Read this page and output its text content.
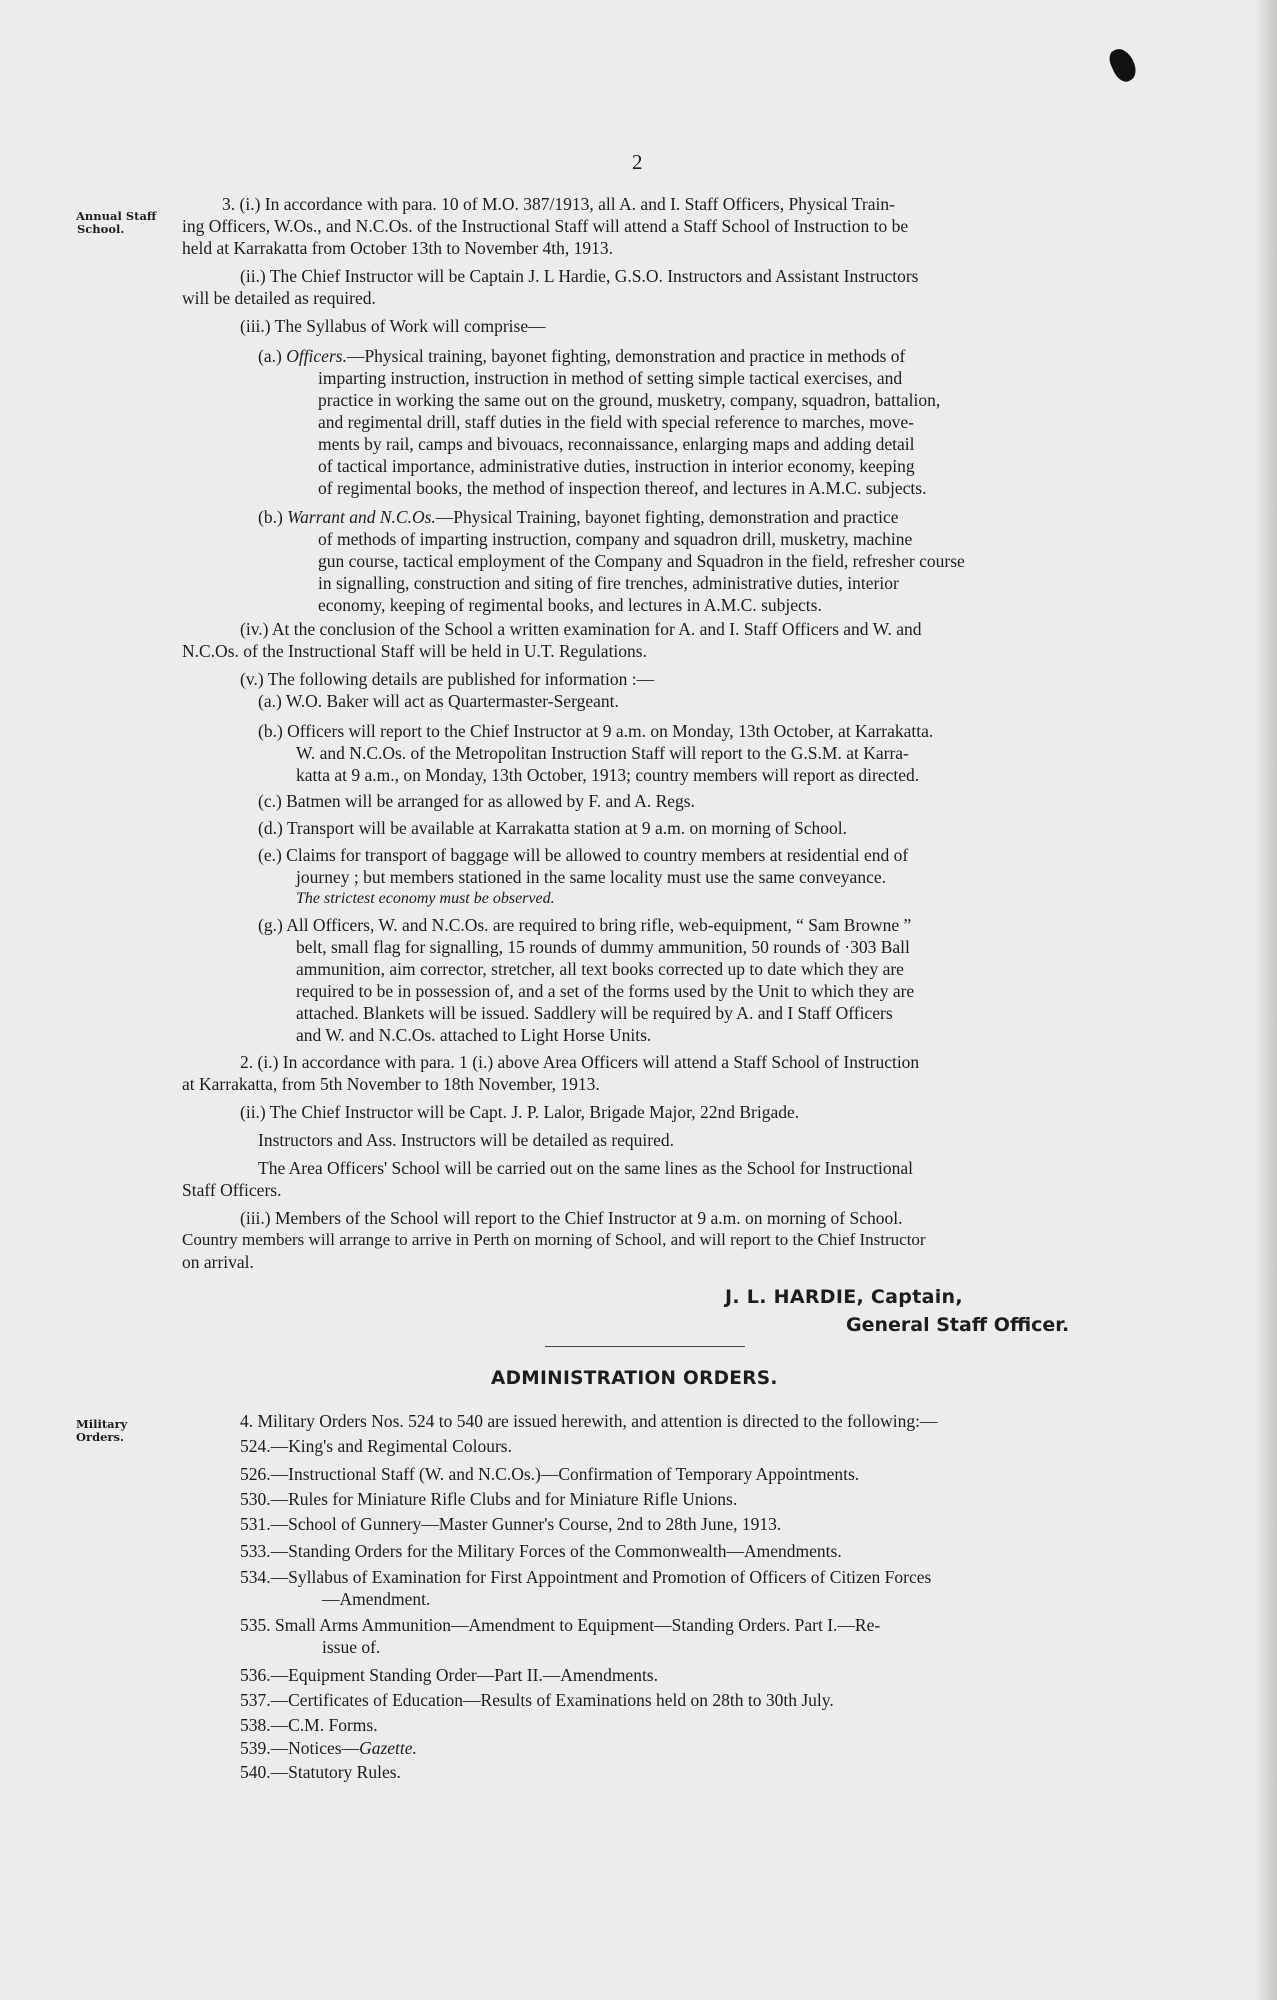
2
Annual Staff
School.
3. (i.) In accordance with para. 10 of M.O. 387/1913, all A. and I. Staff Officers, Physical Train-
ing Officers, W.Os., and N.C.Os. of the Instructional Staff will attend a Staff School of Instruction to be
held at Karrakatta from October 13th to November 4th, 1913.
(ii.) The Chief Instructor will be Captain J. L Hardie, G.S.O. Instructors and Assistant Instructors
will be detailed as required.
(iii.) The Syllabus of Work will comprise—
(a.) Officers.—Physical training, bayonet fighting, demonstration and practice in methods of
imparting instruction, instruction in method of setting simple tactical exercises, and
practice in working the same out on the ground, musketry, company, squadron, battalion,
and regimental drill, staff duties in the field with special reference to marches, move-
ments by rail, camps and bivouacs, reconnaissance, enlarging maps and adding detail
of tactical importance, administrative duties, instruction in interior economy, keeping
of regimental books, the method of inspection thereof, and lectures in A.M.C. subjects.
(b.) Warrant and N.C.Os.—Physical Training, bayonet fighting, demonstration and practice
of methods of imparting instruction, company and squadron drill, musketry, machine
gun course, tactical employment of the Company and Squadron in the field, refresher course
in signalling, construction and siting of fire trenches, administrative duties, interior
economy, keeping of regimental books, and lectures in A.M.C. subjects.
(iv.) At the conclusion of the School a written examination for A. and I. Staff Officers and W. and
N.C.Os. of the Instructional Staff will be held in U.T. Regulations.
(v.) The following details are published for information :—
(a.) W.O. Baker will act as Quartermaster-Sergeant.
(b.) Officers will report to the Chief Instructor at 9 a.m. on Monday, 13th October, at Karrakatta.
W. and N.C.Os. of the Metropolitan Instruction Staff will report to the G.S.M. at Karra-
katta at 9 a.m., on Monday, 13th October, 1913; country members will report as directed.
(c.) Batmen will be arranged for as allowed by F. and A. Regs.
(d.) Transport will be available at Karrakatta station at 9 a.m. on morning of School.
(e.) Claims for transport of baggage will be allowed to country members at residential end of
journey ; but members stationed in the same locality must use the same conveyance.
The strictest economy must be observed.
(g.) All Officers, W. and N.C.Os. are required to bring rifle, web-equipment, “ Sam Browne ”
belt, small flag for signalling, 15 rounds of dummy ammunition, 50 rounds of ·303 Ball
ammunition, aim corrector, stretcher, all text books corrected up to date which they are
required to be in possession of, and a set of the forms used by the Unit to which they are
attached. Blankets will be issued. Saddlery will be required by A. and I Staff Officers
and W. and N.C.Os. attached to Light Horse Units.
2. (i.) In accordance with para. 1 (i.) above Area Officers will attend a Staff School of Instruction
at Karrakatta, from 5th November to 18th November, 1913.
(ii.) The Chief Instructor will be Capt. J. P. Lalor, Brigade Major, 22nd Brigade.
Instructors and Ass. Instructors will be detailed as required.
The Area Officers' School will be carried out on the same lines as the School for Instructional
Staff Officers.
(iii.) Members of the School will report to the Chief Instructor at 9 a.m. on morning of School.
Country members will arrange to arrive in Perth on morning of School, and will report to the Chief Instructor
on arrival.
J. L. HARDIE, Captain,
General Staff Officer.
ADMINISTRATION ORDERS.
Military
Orders.
4. Military Orders Nos. 524 to 540 are issued herewith, and attention is directed to the following:—
524.—King's and Regimental Colours.
526.—Instructional Staff (W. and N.C.Os.)—Confirmation of Temporary Appointments.
530.—Rules for Miniature Rifle Clubs and for Miniature Rifle Unions.
531.—School of Gunnery—Master Gunner's Course, 2nd to 28th June, 1913.
533.—Standing Orders for the Military Forces of the Commonwealth—Amendments.
534.—Syllabus of Examination for First Appointment and Promotion of Officers of Citizen Forces
—Amendment.
535. Small Arms Ammunition—Amendment to Equipment—Standing Orders. Part I.—Re-
issue of.
536.—Equipment Standing Order—Part II.—Amendments.
537.—Certificates of Education—Results of Examinations held on 28th to 30th July.
538.—C.M. Forms.
539.—Notices—Gazette.
540.—Statutory Rules.
